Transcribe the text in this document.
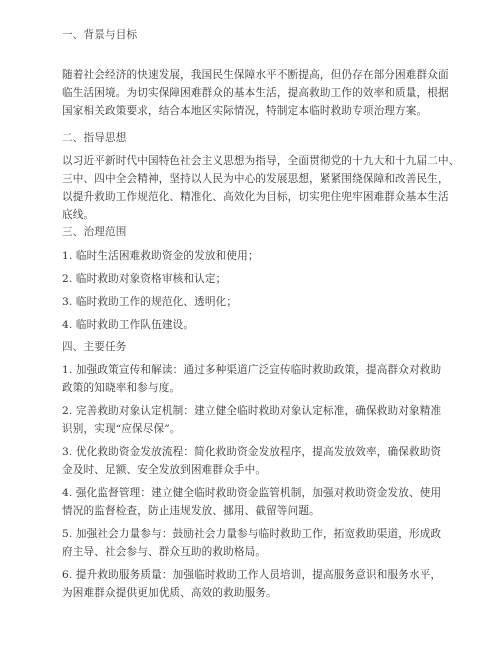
一、背景与目标
随着社会经济的快速发展，我国民生保障水平不断提高，但仍存在部分困难群众面
临生活困境。为切实保障困难群众的基本生活，提高救助工作的效率和质量，根据
国家相关政策要求，结合本地区实际情况，特制定本临时救助专项治理方案。
二、指导思想
以习近平新时代中国特色社会主义思想为指导，全面贯彻党的十九大和十九届二中、
三中、四中全会精神，坚持以人民为中心的发展思想，紧紧围绕保障和改善民生，
以提升救助工作规范化、精准化、高效化为目标，切实兜住兜牢困难群众基本生活
底线。
三、治理范围
1. 临时生活困难救助资金的发放和使用；
2. 临时救助对象资格审核和认定；
3. 临时救助工作的规范化、透明化；
4. 临时救助工作队伍建设。
四、主要任务
1. 加强政策宣传和解读：通过多种渠道广泛宣传临时救助政策，提高群众对救助
政策的知晓率和参与度。
2. 完善救助对象认定机制：建立健全临时救助对象认定标准，确保救助对象精准
识别，实现“应保尽保”。
3. 优化救助资金发放流程：简化救助资金发放程序，提高发放效率，确保救助资
金及时、足额、安全发放到困难群众手中。
4. 强化监督管理：建立健全临时救助资金监管机制，加强对救助资金发放、使用
情况的监督检查，防止违规发放、挪用、截留等问题。
5. 加强社会力量参与：鼓励社会力量参与临时救助工作，拓宽救助渠道，形成政
府主导、社会参与、群众互助的救助格局。
6. 提升救助服务质量：加强临时救助工作人员培训，提高服务意识和服务水平，
为困难群众提供更加优质、高效的救助服务。
